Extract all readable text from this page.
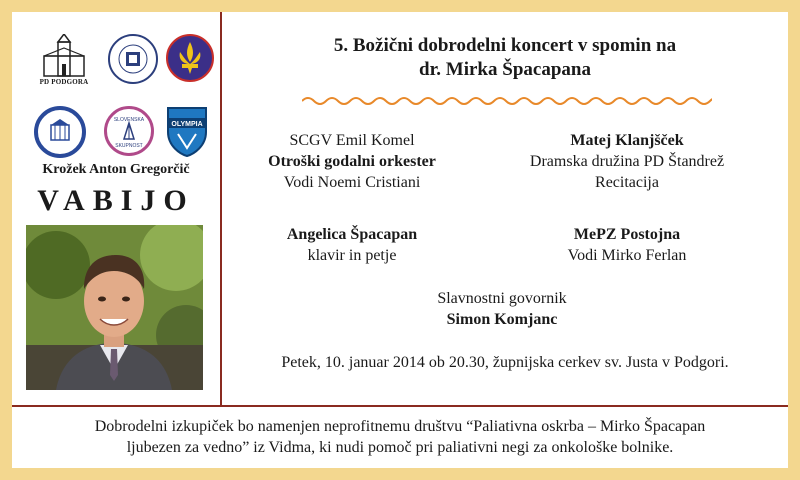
PD PODGORA
SLOVENSKA
SKUPNOST
OLYMPIA
Krožek Anton Gregorčič
VABIJO
5. Božični dobrodelni koncert v spomin na
dr. Mirka Špacapana
SCGV Emil Komel
Otroški godalni orkester
Vodi Noemi Cristiani
Matej Klanjšček
Dramska družina PD Štandrež
Recitacija
Angelica Špacapan
klavir in petje
MePZ Postojna
Vodi Mirko Ferlan
Slavnostni govornik
Simon Komjanc
Petek, 10. januar 2014 ob 20.30, župnijska cerkev sv. Justa v Podgori.
Dobrodelni izkupiček bo namenjen neprofitnemu društvu “Paliativna oskrba – Mirko Špacapan
ljubezen za vedno” iz Vidma, ki nudi pomoč pri paliativni negi za onkološke bolnike.
